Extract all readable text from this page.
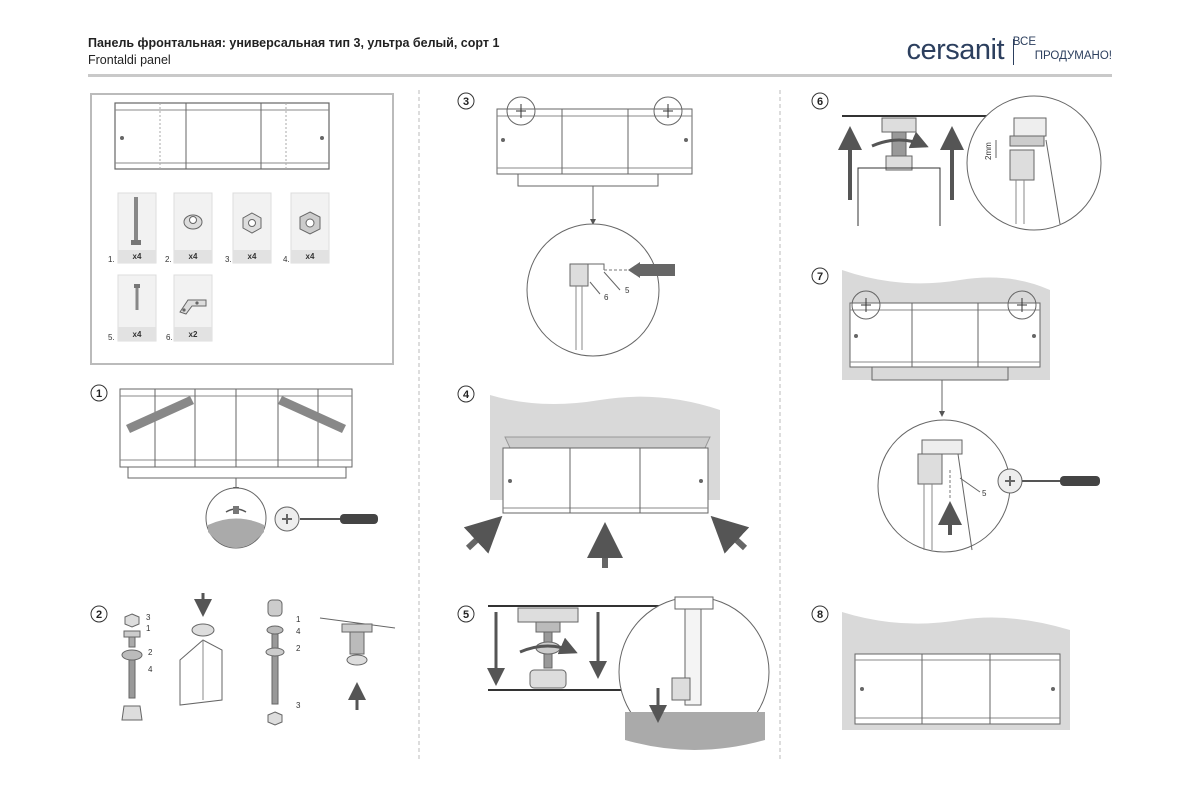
Панель фронтальная: универсальная тип 3, ультра белый, сорт 1
Frontaldi panel	cersanit ВСЕ
ПРОДУМАНО!
x4
1.	x4
2.	x4
3.	x4
4.
x4
5.	x2
6.
1
2	3
1
2
4
1
4
2
3
3
6
5
4
5
6
2mm
7
5
8
